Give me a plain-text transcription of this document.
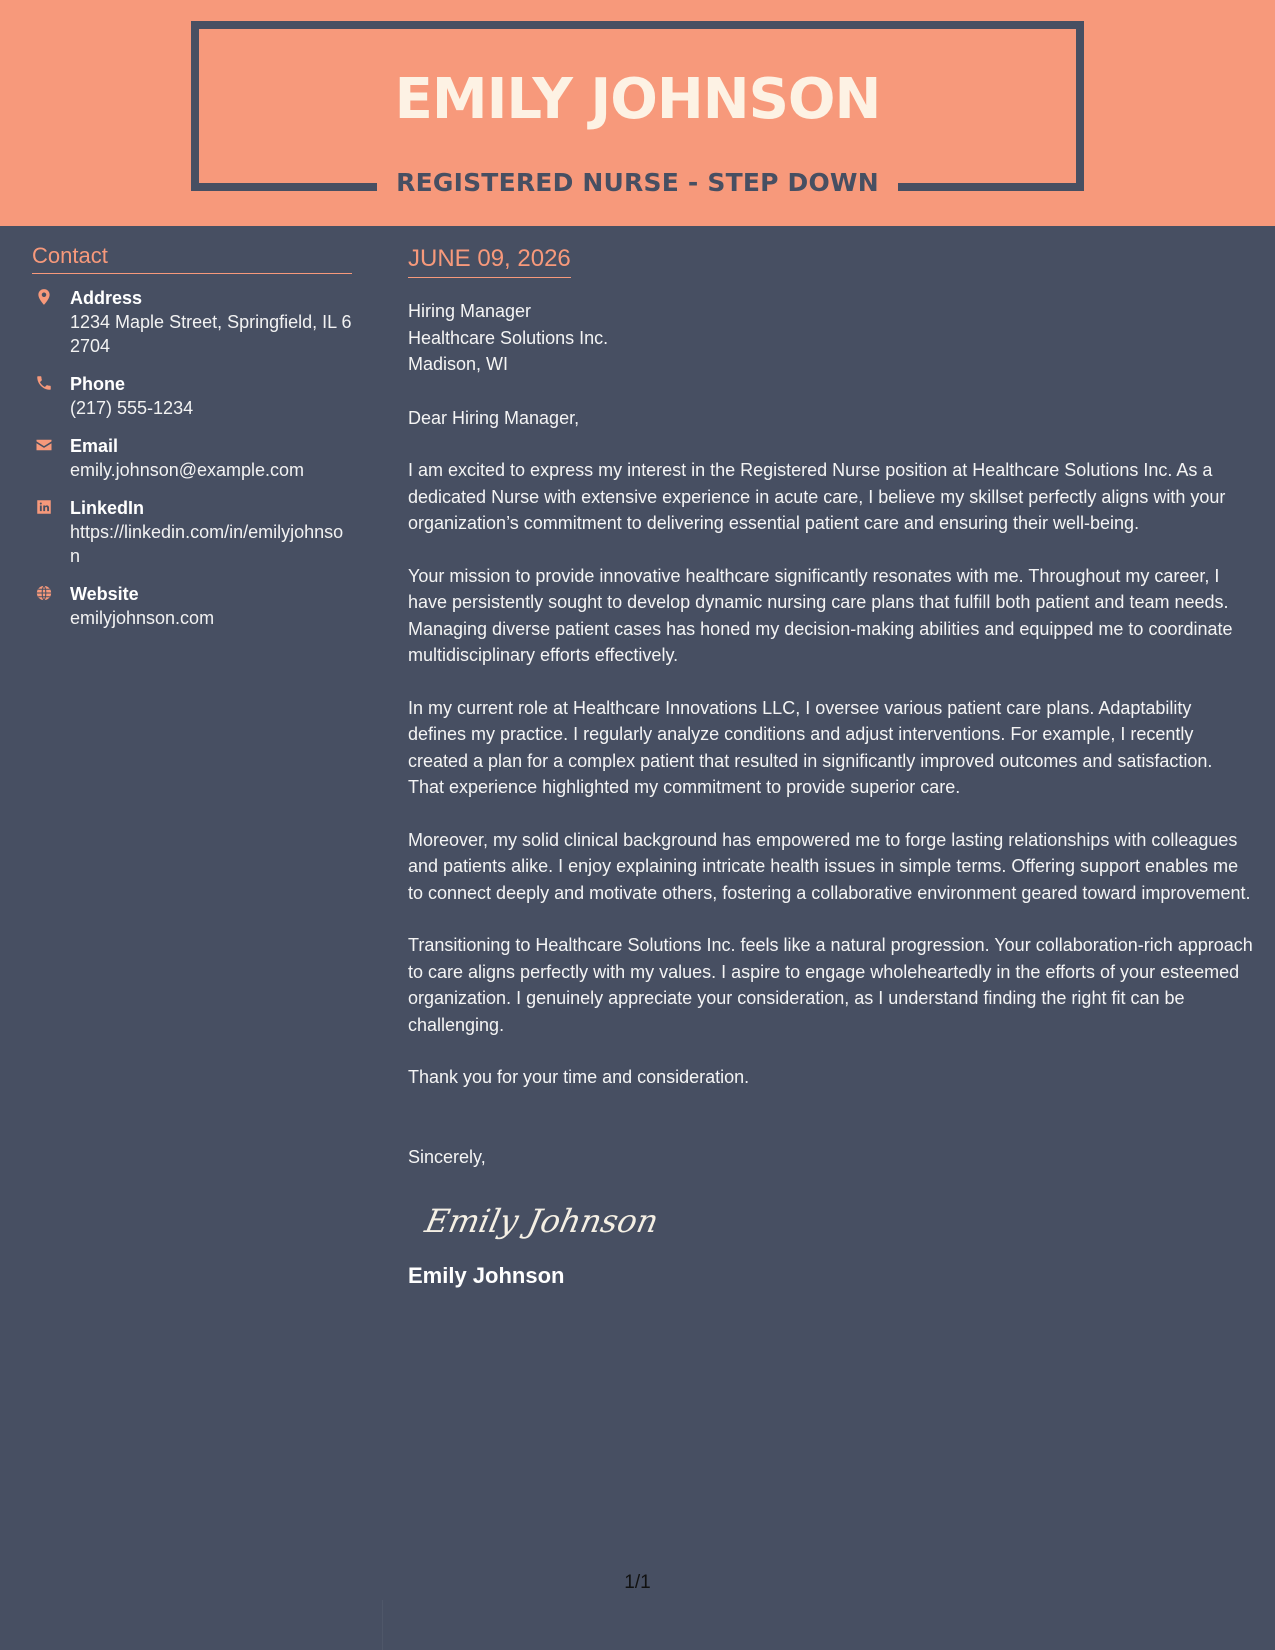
EMILY JOHNSON
REGISTERED NURSE - STEP DOWN
Contact
Address
1234 Maple Street, Springfield, IL 62704
Phone
(217) 555-1234
Email
emily.johnson@example.com
LinkedIn
https://linkedin.com/in/emilyjohnson
Website
emilyjohnson.com
JUNE 09, 2026
Hiring Manager
Healthcare Solutions Inc.
Madison, WI
Dear Hiring Manager,

I am excited to express my interest in the Registered Nurse position at Healthcare Solutions Inc. As a dedicated Nurse with extensive experience in acute care, I believe my skillset perfectly aligns with your organization’s commitment to delivering essential patient care and ensuring their well-being.

Your mission to provide innovative healthcare significantly resonates with me. Throughout my career, I have persistently sought to develop dynamic nursing care plans that fulfill both patient and team needs. Managing diverse patient cases has honed my decision-making abilities and equipped me to coordinate multidisciplinary efforts effectively.

In my current role at Healthcare Innovations LLC, I oversee various patient care plans. Adaptability defines my practice. I regularly analyze conditions and adjust interventions. For example, I recently created a plan for a complex patient that resulted in significantly improved outcomes and satisfaction. That experience highlighted my commitment to provide superior care.

Moreover, my solid clinical background has empowered me to forge lasting relationships with colleagues and patients alike. I enjoy explaining intricate health issues in simple terms. Offering support enables me to connect deeply and motivate others, fostering a collaborative environment geared toward improvement.

Transitioning to Healthcare Solutions Inc. feels like a natural progression. Your collaboration-rich approach to care aligns perfectly with my values. I aspire to engage wholeheartedly in the efforts of your esteemed organization. I genuinely appreciate your consideration, as I understand finding the right fit can be challenging.

Thank you for your time and consideration.

Sincerely,
Emily Johnson
Emily Johnson
1/1
